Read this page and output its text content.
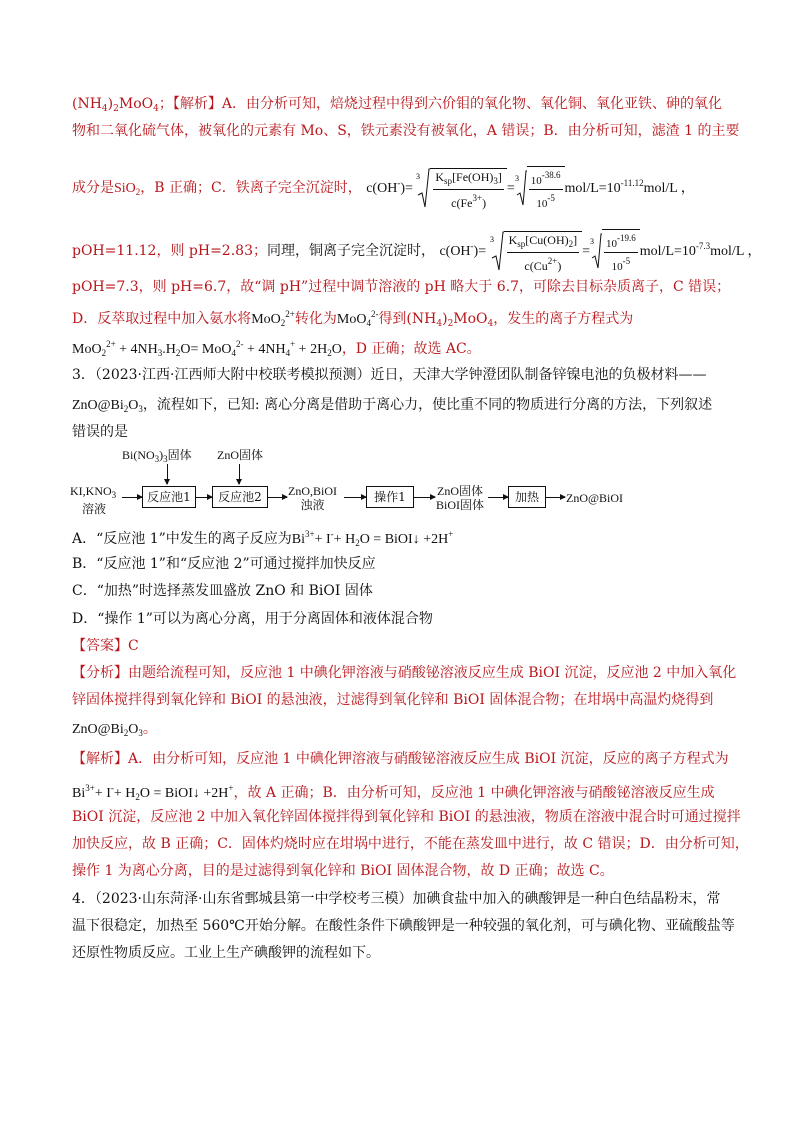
$(NH_4)_2MoO_4$；【解析】A．由分析可知，焙烧过程中得到六价钼的氧化物、氧化铜、氧化亚铁、砷的氧化
物和二氧化硫气体，被氧化的元素有 Mo、S，铁元素没有被氧化，A 错误；B．由分析可知，滤渣 1 的主要
成分是SiO$_2$，B 正确；C．铁离子完全沉淀时， c(OH-)=
$3 \frac{K_{sp}[Fe(OH)_3]}{c(Fe^{3+})}$ =
$3 \frac{10^{-38.6}}{10^{-5}} mol/L=10^{-11.12}mol/L$ ，
pOH=11.12，则 pH=2.83；同理，铜离子完全沉淀时， c(OH-)=
$3 \frac{K_{sp}[Cu(OH)_2]}{c(Cu^{2+})}$ =
$3 \frac{10^{-19.6}}{10^{-5}} mol/L=10^{-7.3}mol/L$ ，
pOH=7.3，则 pH=6.7，故“调 pH”过程中调节溶液的 pH 略大于 6.7，可除去目标杂质离子，C 错误；
D．反萃取过程中加入氨水将MoO$_2^{2+}$转化为MoO$_4^{2-}$得到$(NH_4)_2MoO_4$，发生的离子方程式为
$MoO_2^{2+} + 4NH_3.H_2O= MoO_4^{2-} + 4NH_4^+ + 2H_2O$，D 正确；故选 AC。
3．（2023·江西·江西师大附中校联考模拟预测）近日，天津大学钟澄团队制备锌镍电池的负极材料——
$ZnO@Bi_2O_3$，流程如下，已知: 离心分离是借助于离心力，使比重不同的物质进行分离的方法，下列叙述
错误的是
$Bi(NO_3)_3$固体 ZnO固体
$KI,KNO_3$
溶液
反应池1	反应池2	ZnO,BiOI
浊液
操作1	ZnO固体
BiOI固体
加热	ZnO@BiOI
A．“反应池 1”中发生的离子反应为$Bi^{3+}+ I^-+ H_2O$ = BiOI↓ +2H+
B．“反应池 1”和“反应池 2”可通过搅拌加快反应
C．“加热”时选择蒸发皿盛放 ZnO 和 BiOI 固体
D．“操作 1”可以为离心分离，用于分离固体和液体混合物
【答案】C
【分析】由题给流程可知，反应池 1 中碘化钾溶液与硝酸铋溶液反应生成 BiOI 沉淀，反应池 2 中加入氧化
锌固体搅拌得到氧化锌和 BiOI 的悬浊液，过滤得到氧化锌和 BiOI 固体混合物；在坩埚中高温灼烧得到
$ZnO@Bi_2O_3$。
【解析】A．由分析可知，反应池 1 中碘化钾溶液与硝酸铋溶液反应生成 BiOI 沉淀，反应的离子方程式为
$Bi^{3+}+ I^-+ H_2O$ = BiOI↓ +2H+，故 A 正确；B．由分析可知，反应池 1 中碘化钾溶液与硝酸铋溶液反应生成
BiOI 沉淀，反应池 2 中加入氧化锌固体搅拌得到氧化锌和 BiOI 的悬浊液，物质在溶液中混合时可通过搅拌
加快反应，故 B 正确；C．固体灼烧时应在坩埚中进行，不能在蒸发皿中进行，故 C 错误；D．由分析可知，
操作 1 为离心分离，目的是过滤得到氧化锌和 BiOI 固体混合物，故 D 正确；故选 C。
4．（2023·山东菏泽·山东省鄄城县第一中学校考三模）加碘食盐中加入的碘酸钾是一种白色结晶粉末，常
温下很稳定，加热至 560℃开始分解。在酸性条件下碘酸钾是一种较强的氧化剂，可与碘化物、亚硫酸盐等
还原性物质反应。工业上生产碘酸钾的流程如下。
